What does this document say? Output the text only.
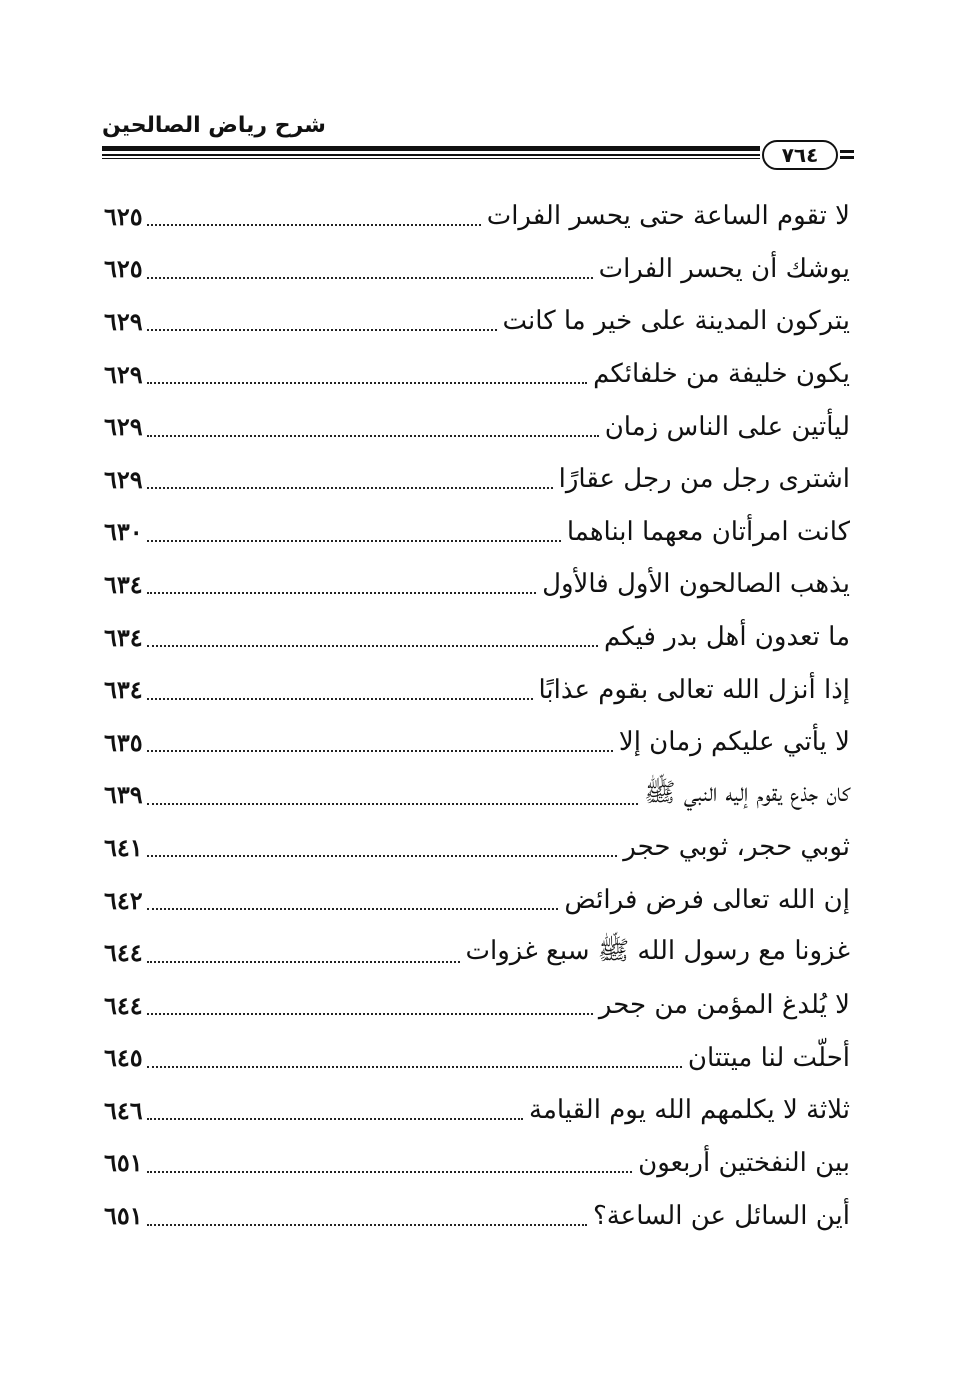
شرح رياض الصالحين
٧٦٤
لا تقوم الساعة حتى يحسر الفرات
٦٢٥
يوشك أن يحسر الفرات
٦٢٥
يتركون المدينة على خير ما كانت
٦٢٩
يكون خليفة من خلفائكم
٦٢٩
ليأتين على الناس زمان
٦٢٩
اشترى رجل من رجل عقارًا
٦٢٩
كانت امرأتان معهما ابناهما
٦٣٠
يذهب الصالحون الأول فالأول
٦٣٤
ما تعدون أهل بدر فيكم
٦٣٤
إذا أنزل الله تعالى بقوم عذابًا
٦٣٤
لا يأتي عليكم زمان إلا
٦٣٥
كان جذع يقوم إليه النبي ﷺ
٦٣٩
ثوبي حجر، ثوبي حجر
٦٤١
إن الله تعالى فرض فرائض
٦٤٢
غزونا مع رسول الله ﷺ سبع غزوات
٦٤٤
لا يُلدغ المؤمن من جحر
٦٤٤
أحلّت لنا ميتتان
٦٤٥
ثلاثة لا يكلمهم الله يوم القيامة
٦٤٦
بين النفختين أربعون
٦٥١
أين السائل عن الساعة؟
٦٥١
